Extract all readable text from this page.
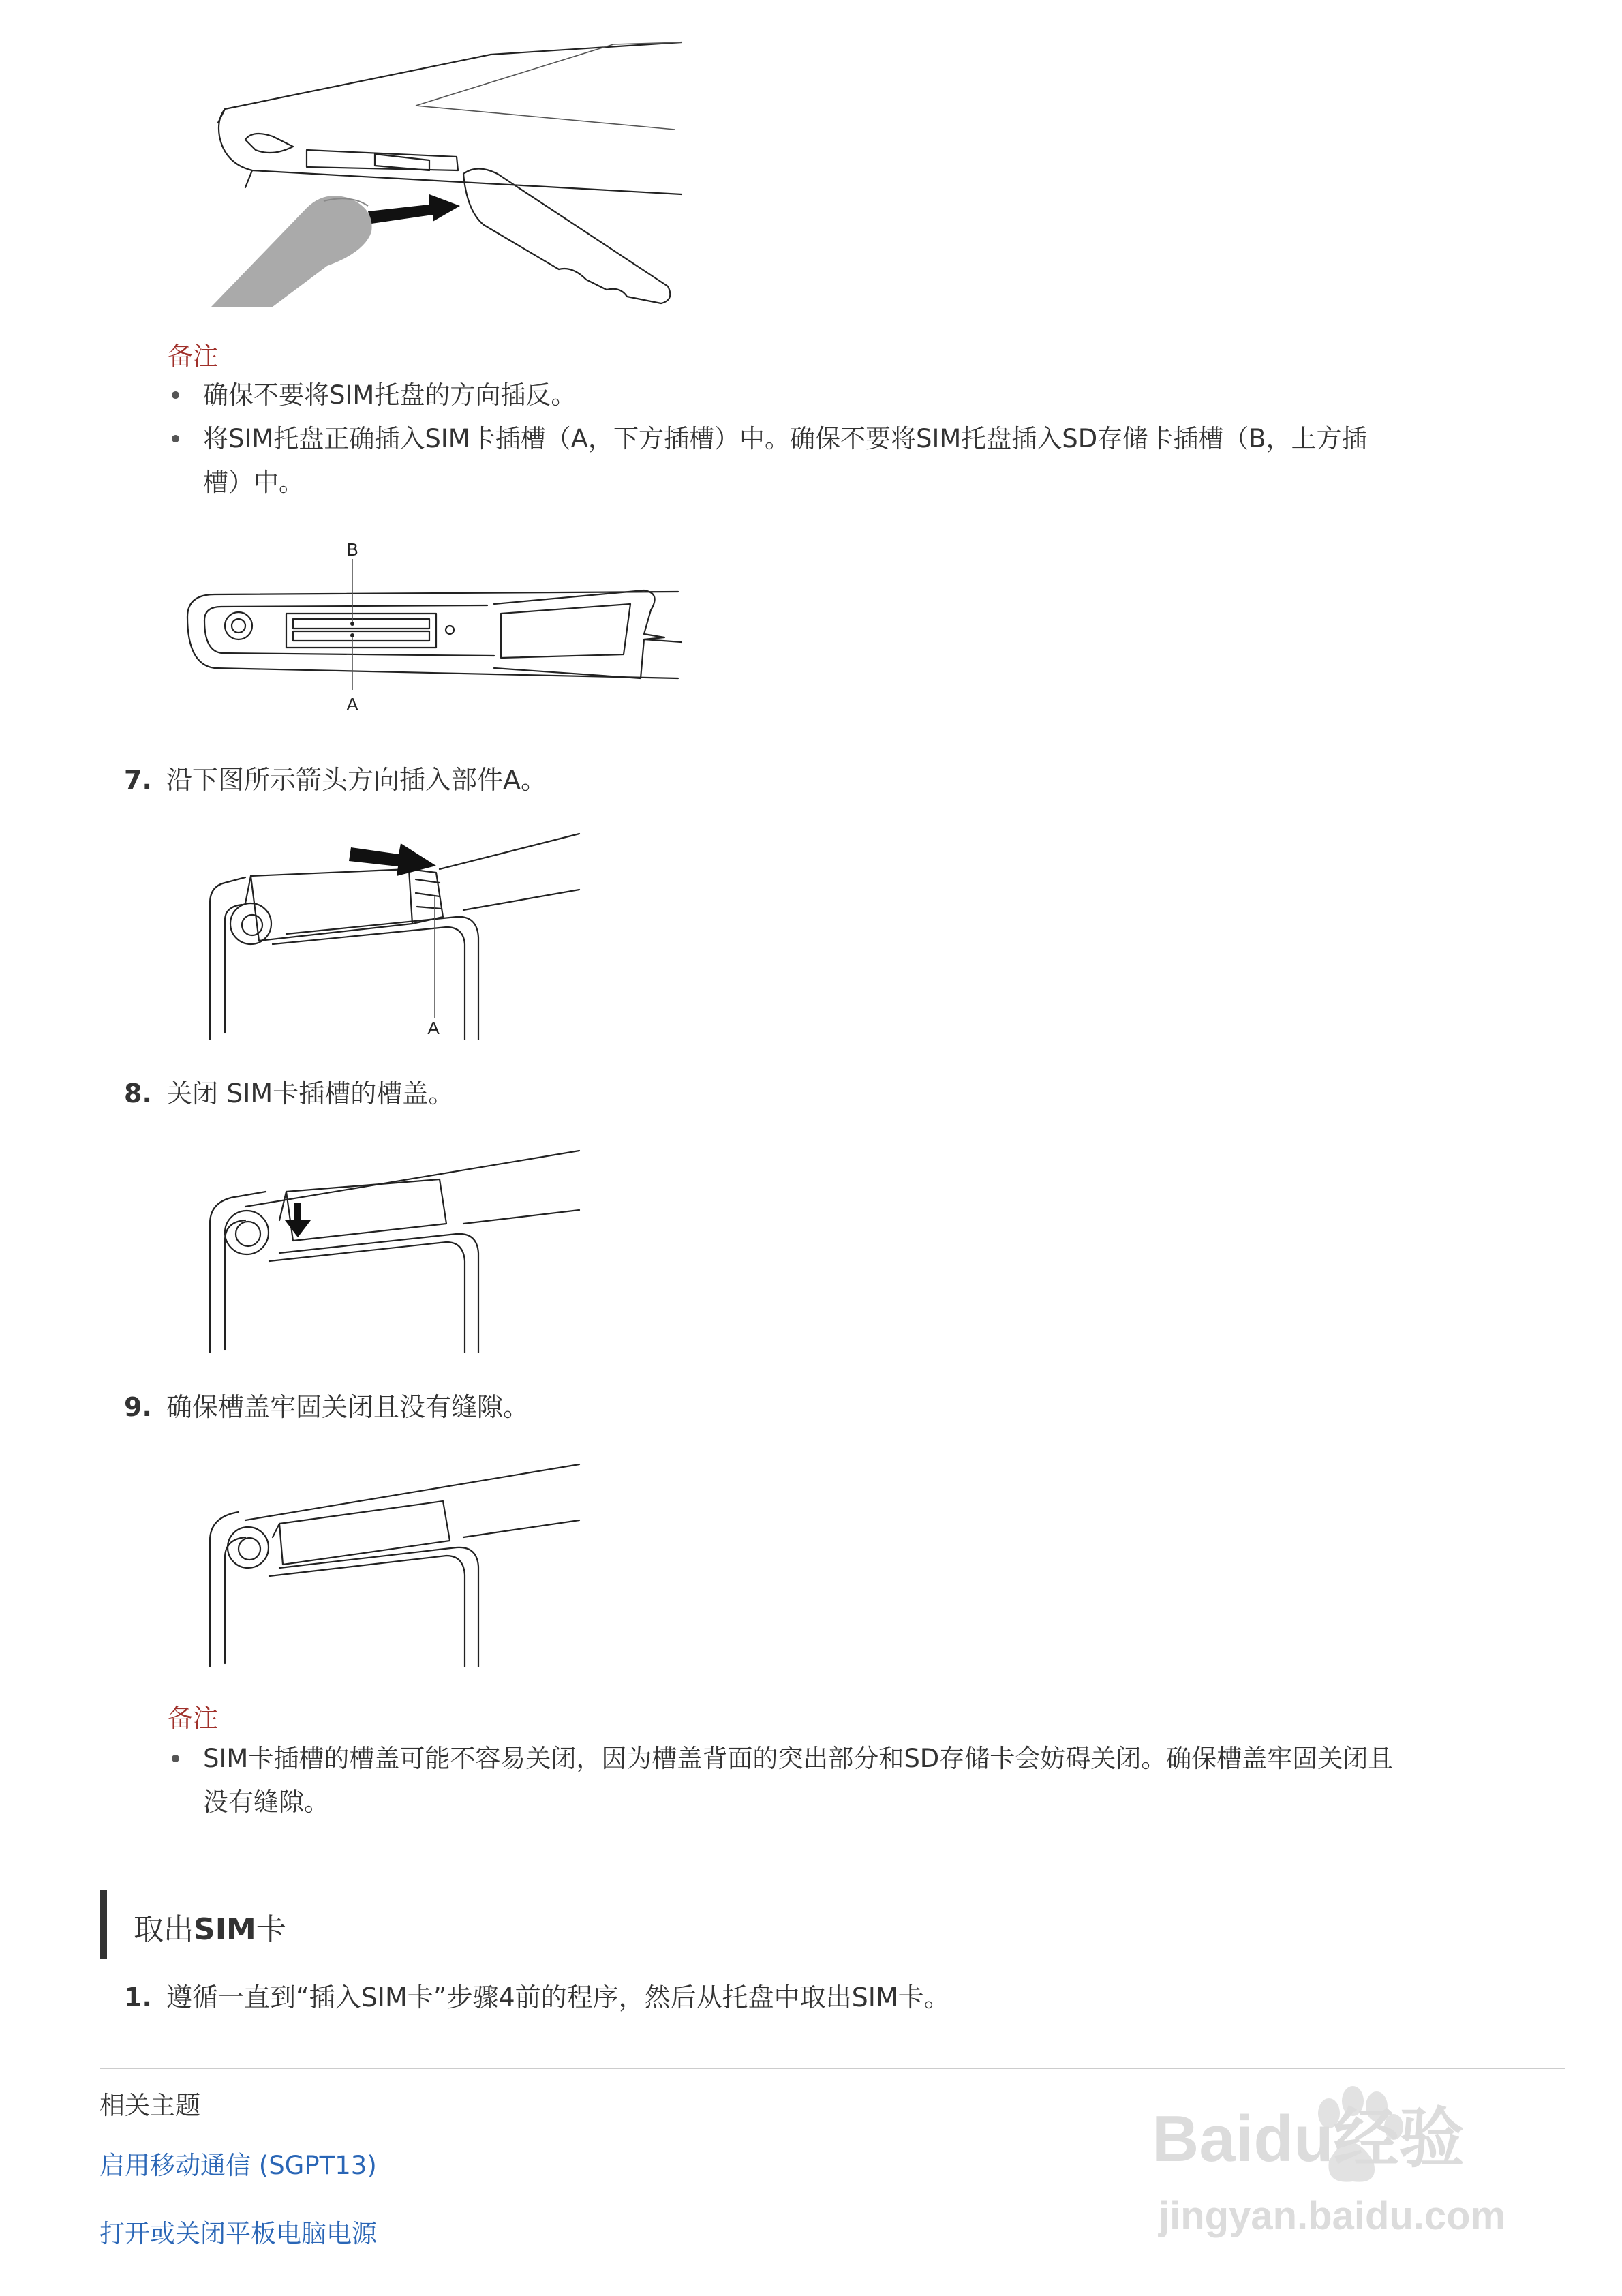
备注
确保不要将SIM托盘的方向插反。
将SIM托盘正确插入SIM卡插槽（A，下方插槽）中。确保不要将SIM托盘插入SD存储卡插槽（B，上方插
槽）中。
B
A
7. 沿下图所示箭头方向插入部件A。
A
8. 关闭 SIM卡插槽的槽盖。
9. 确保槽盖牢固关闭且没有缝隙。
备注
SIM卡插槽的槽盖可能不容易关闭，因为槽盖背面的突出部分和SD存储卡会妨碍关闭。确保槽盖牢固关闭且
没有缝隙。
取出SIM卡
1. 遵循一直到“插入SIM卡”步骤4前的程序，然后从托盘中取出SIM卡。
相关主题
启用移动通信 (SGPT13)
打开或关闭平板电脑电源
Baidu经验
jingyan.baidu.com
